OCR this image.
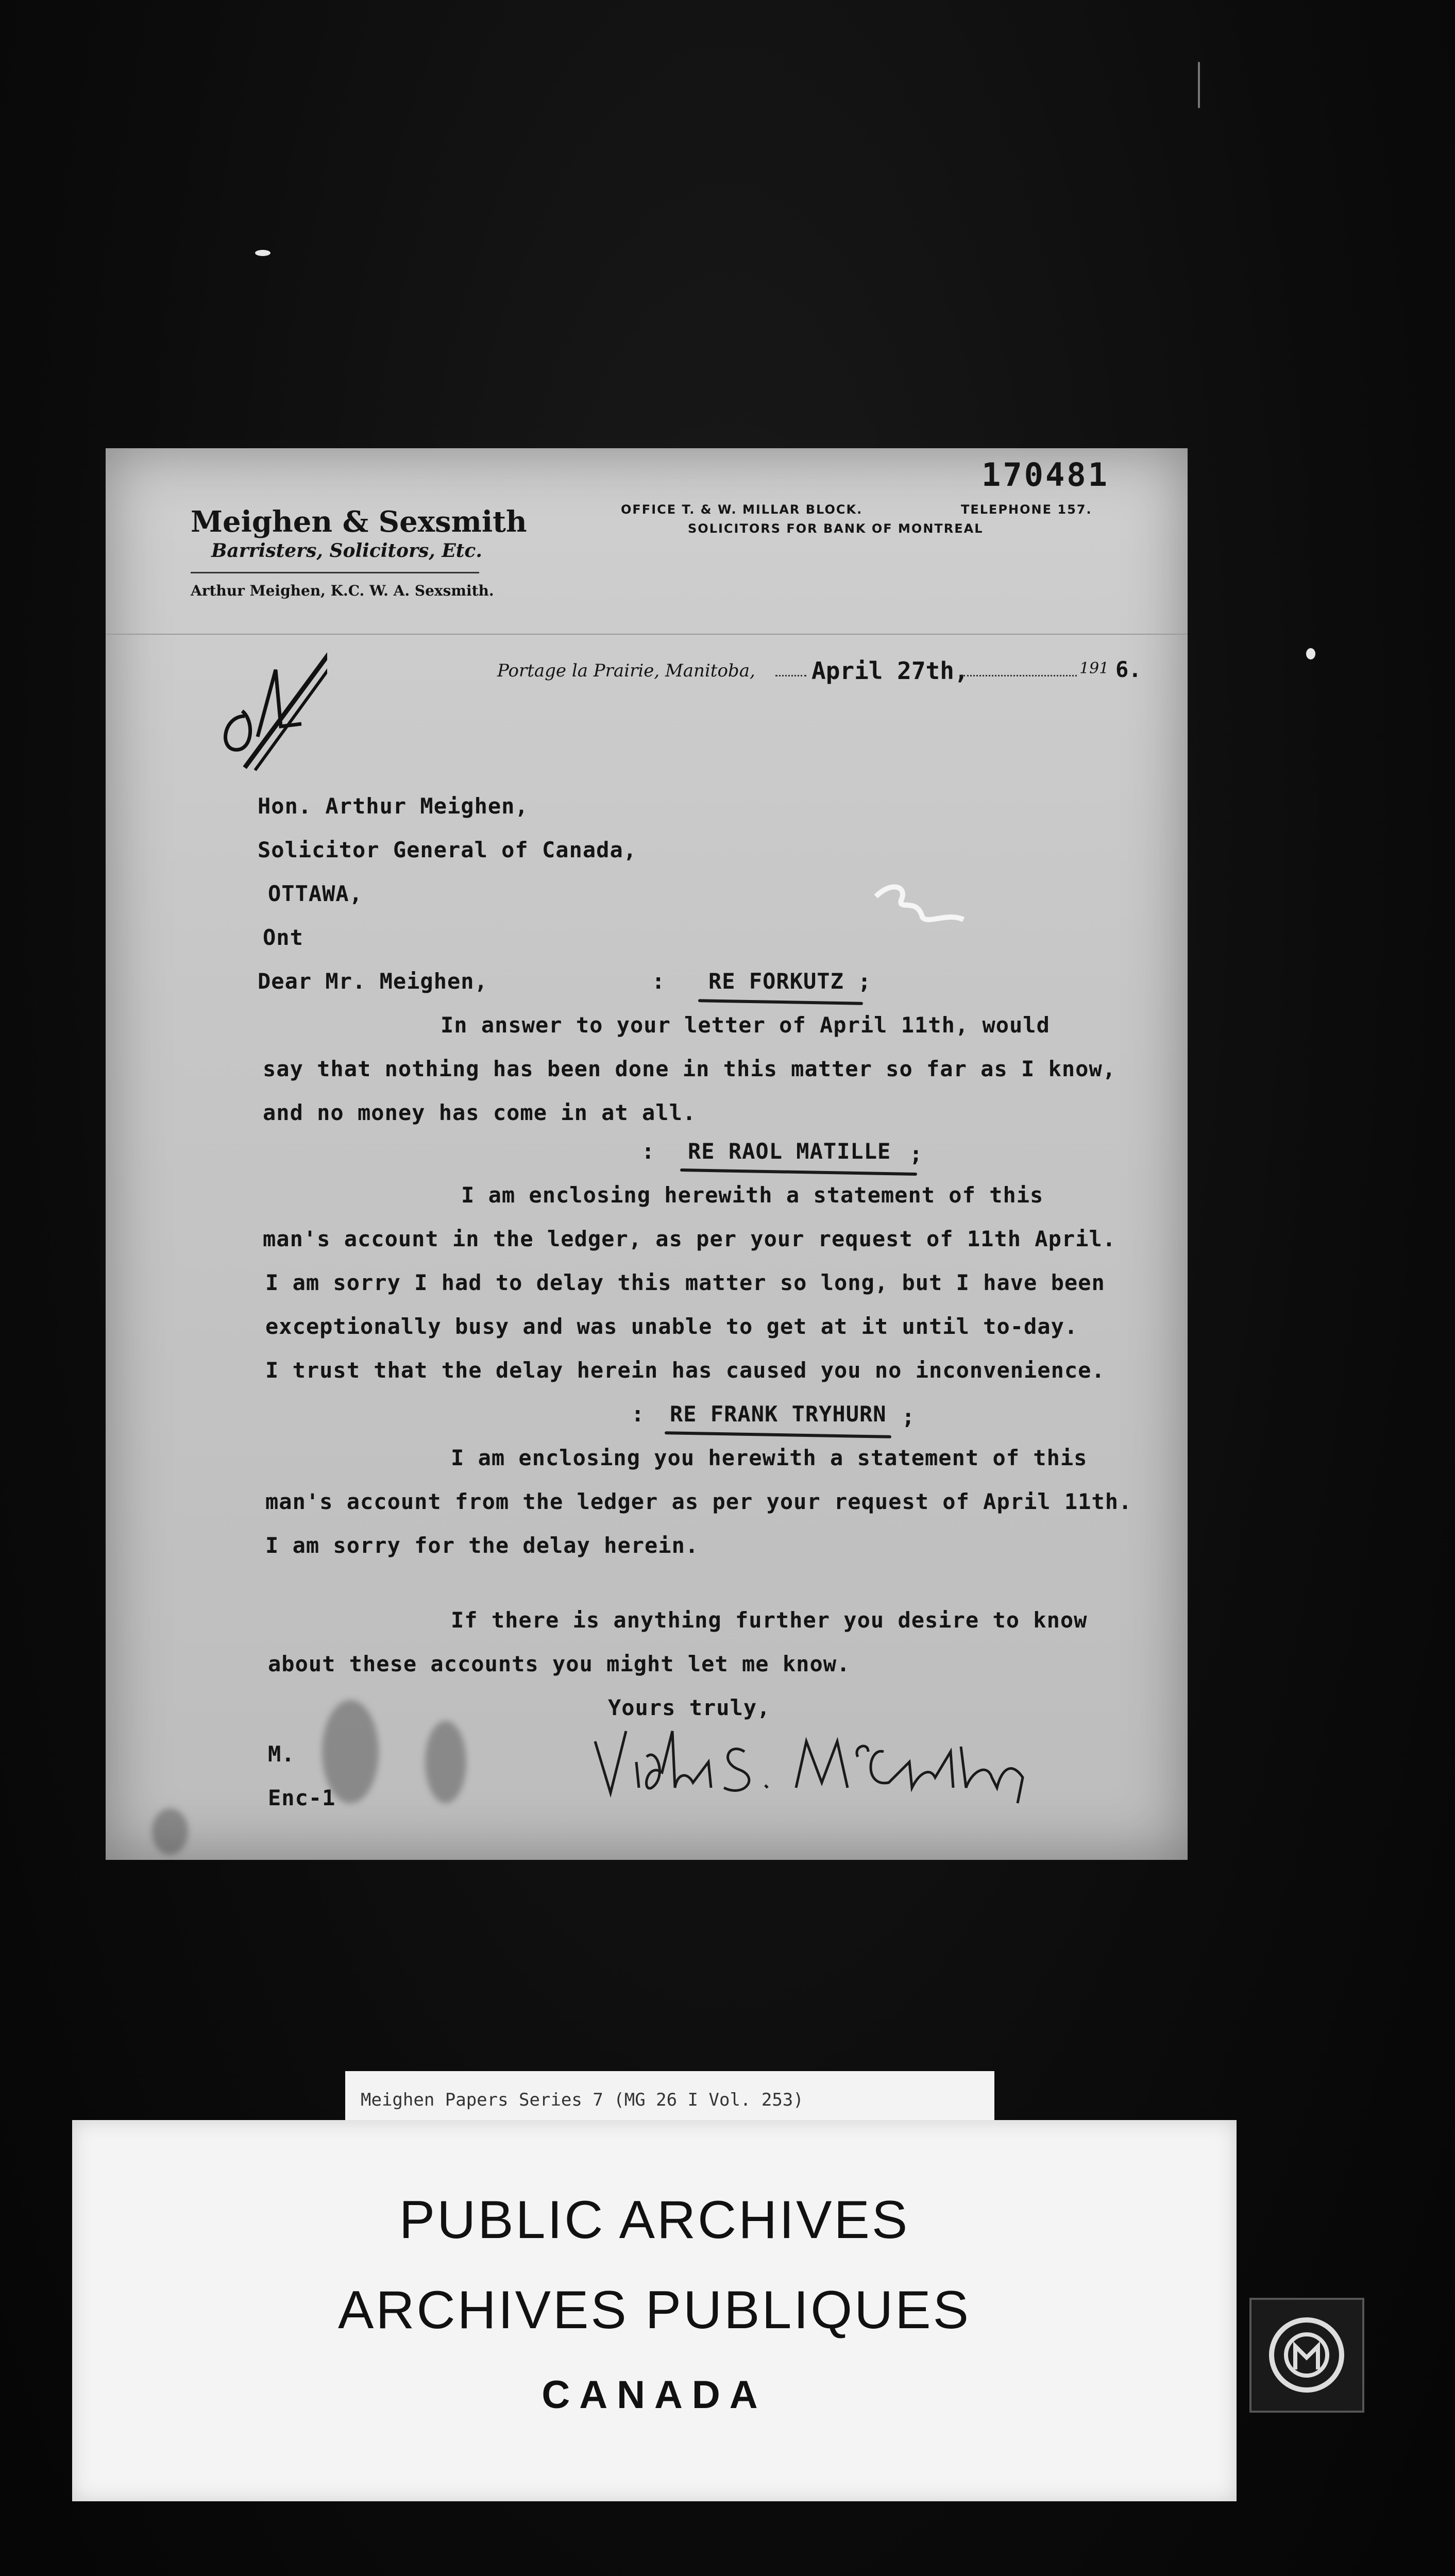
170481
Meighen & Sexsmith
Barristers, Solicitors, Etc.
Arthur Meighen, K.C. W. A. Sexsmith.
OFFICE T. & W. MILLAR BLOCK.	TELEPHONE 157.
SOLICITORS FOR BANK OF MONTREAL
Portage la Prairie, Manitoba, April 27th,	191 6.
Hon. Arthur Meighen,
Solicitor General of Canada,
OTTAWA,
Ont
Dear Mr. Meighen,	: RE FORKUTZ ;
In answer to your letter of April 11th, would
say that nothing has been done in this matter so far as I know,
and no money has come in at all.
: RE RAOL MATILLE ;
I am enclosing herewith a statement of this
man's account in the ledger, as per your request of 11th April.
I am sorry I had to delay this matter so long, but I have been
exceptionally busy and was unable to get at it until to-day.
I trust that the delay herein has caused you no inconvenience.
: RE FRANK TRYHURN ;
I am enclosing you herewith a statement of this
man's account from the ledger as per your request of April 11th.
I am sorry for the delay herein.
If there is anything further you desire to know
about these accounts you might let me know.
Yours truly,
M.
Enc-1
Meighen Papers Series 7 (MG 26 I Vol. 253)
PUBLIC ARCHIVES
ARCHIVES PUBLIQUES
CANADA
